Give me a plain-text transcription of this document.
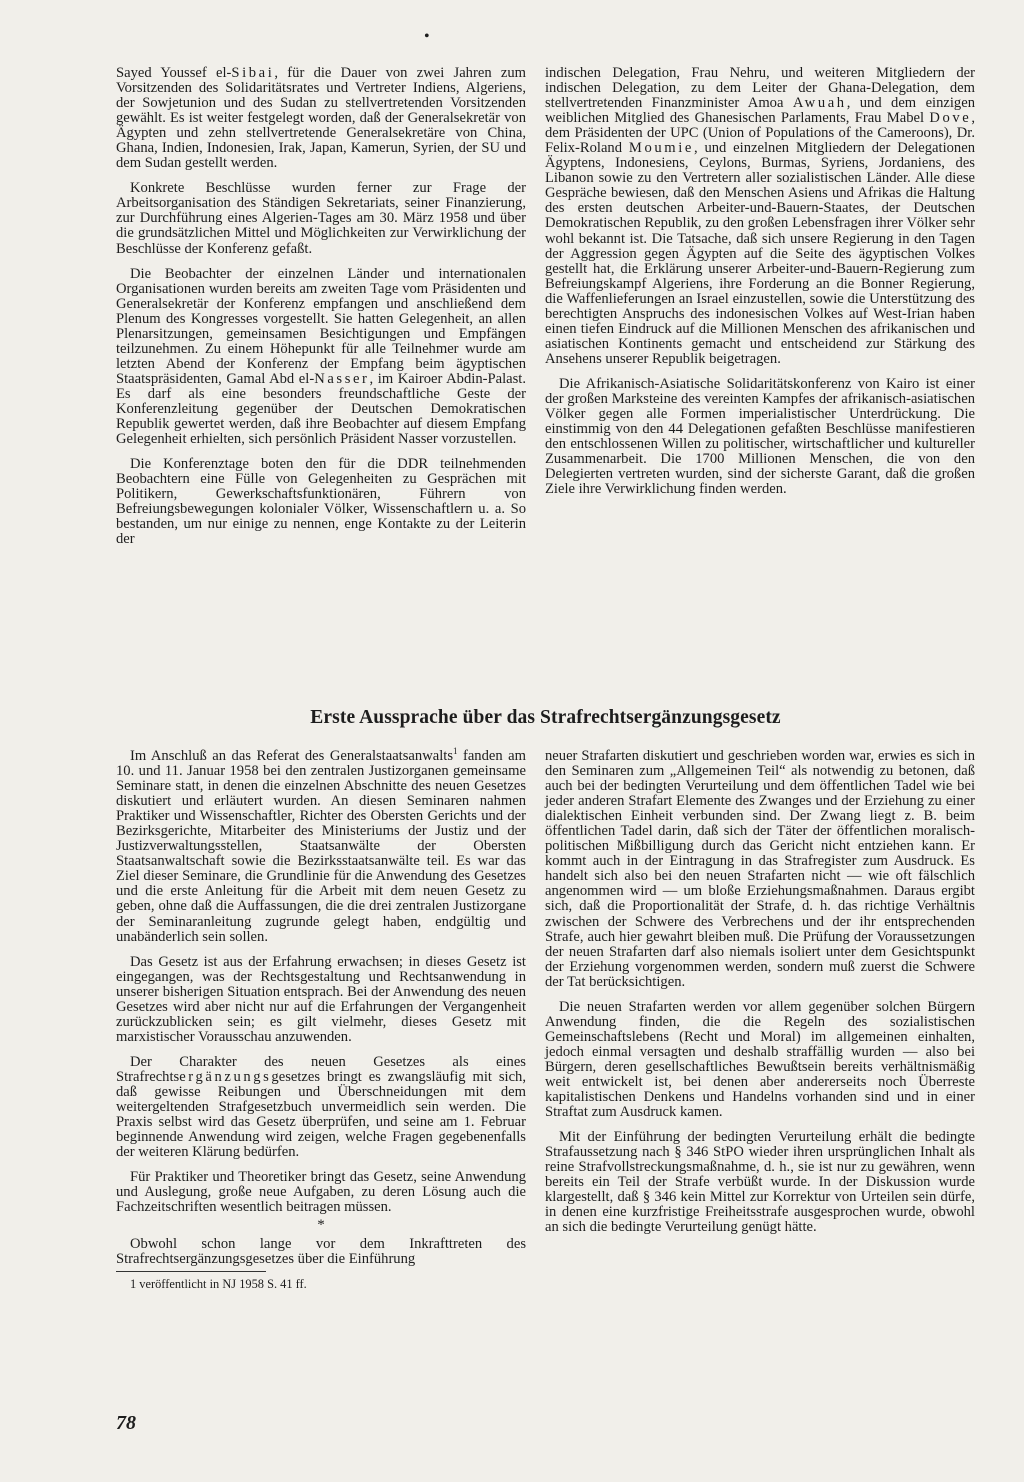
•

Sayed Youssef el-Sibai, für die Dauer von zwei Jahren zum Vorsitzenden des Solidaritätsrates und Vertreter Indiens, Algeriens, der Sowjetunion und des Sudan zu stellvertretenden Vorsitzenden gewählt. Es ist weiter festgelegt worden, daß der Generalsekretär von Ägypten und zehn stellvertretende Generalsekretäre von China, Ghana, Indien, Indonesien, Irak, Japan, Kamerun, Syrien, der SU und dem Sudan gestellt werden.

Konkrete Beschlüsse wurden ferner zur Frage der Arbeitsorganisation des Ständigen Sekretariats, seiner Finanzierung, zur Durchführung eines Algerien-Tages am 30. März 1958 und über die grundsätzlichen Mittel und Möglichkeiten zur Verwirklichung der Beschlüsse der Konferenz gefaßt.

Die Beobachter der einzelnen Länder und internationalen Organisationen wurden bereits am zweiten Tage vom Präsidenten und Generalsekretär der Konferenz empfangen und anschließend dem Plenum des Kongresses vorgestellt. Sie hatten Gelegenheit, an allen Plenarsitzungen, gemeinsamen Besichtigungen und Empfängen teilzunehmen. Zu einem Höhepunkt für alle Teilnehmer wurde am letzten Abend der Konferenz der Empfang beim ägyptischen Staatspräsidenten, Gamal Abd el-Nasser, im Kairoer Abdin-Palast. Es darf als eine besonders freundschaftliche Geste der Konferenzleitung gegenüber der Deutschen Demokratischen Republik gewertet werden, daß ihre Beobachter auf diesem Empfang Gelegenheit erhielten, sich persönlich Präsident Nasser vorzustellen.

Die Konferenztage boten den für die DDR teilnehmenden Beobachtern eine Fülle von Gelegenheiten zu Gesprächen mit Politikern, Gewerkschaftsfunktionären, Führern von Befreiungsbewegungen kolonialer Völker, Wissenschaftlern u. a. So bestanden, um nur einige zu nennen, enge Kontakte zu der Leiterin der

indischen Delegation, Frau Nehru, und weiteren Mitgliedern der indischen Delegation, zu dem Leiter der Ghana-Delegation, dem stellvertretenden Finanzminister Amoa Awuah, und dem einzigen weiblichen Mitglied des Ghanesischen Parlaments, Frau Mabel Dove, dem Präsidenten der UPC (Union of Populations of the Cameroons), Dr. Felix-Roland Moumie, und einzelnen Mitgliedern der Delegationen Ägyptens, Indonesiens, Ceylons, Burmas, Syriens, Jordaniens, des Libanon sowie zu den Vertretern aller sozialistischen Länder. Alle diese Gespräche bewiesen, daß den Menschen Asiens und Afrikas die Haltung des ersten deutschen Arbeiter-und-Bauern-Staates, der Deutschen Demokratischen Republik, zu den großen Lebensfragen ihrer Völker sehr wohl bekannt ist. Die Tatsache, daß sich unsere Regierung in den Tagen der Aggression gegen Ägypten auf die Seite des ägyptischen Volkes gestellt hat, die Erklärung unserer Arbeiter-und-Bauern-Regierung zum Befreiungskampf Algeriens, ihre Forderung an die Bonner Regierung, die Waffenlieferungen an Israel einzustellen, sowie die Unterstützung des berechtigten Anspruchs des indonesischen Volkes auf West-Irian haben einen tiefen Eindruck auf die Millionen Menschen des afrikanischen und asiatischen Kontinents gemacht und entscheidend zur Stärkung des Ansehens unserer Republik beigetragen.

Die Afrikanisch-Asiatische Solidaritätskonferenz von Kairo ist einer der großen Marksteine des vereinten Kampfes der afrikanisch-asiatischen Völker gegen alle Formen imperialistischer Unterdrückung. Die einstimmig von den 44 Delegationen gefaßten Beschlüsse manifestieren den entschlossenen Willen zu politischer, wirtschaftlicher und kultureller Zusammenarbeit. Die 1700 Millionen Menschen, die von den Delegierten vertreten wurden, sind der sicherste Garant, daß die großen Ziele ihre Verwirklichung finden werden.

Erste Aussprache über das Strafrechtsergänzungsgesetz

Im Anschluß an das Referat des Generalstaatsanwalts$^1$ fanden am 10. und 11. Januar 1958 bei den zentralen Justizorganen gemeinsame Seminare statt, in denen die einzelnen Abschnitte des neuen Gesetzes diskutiert und erläutert wurden. An diesen Seminaren nahmen Praktiker und Wissenschaftler, Richter des Obersten Gerichts und der Bezirksgerichte, Mitarbeiter des Ministeriums der Justiz und der Justizverwaltungsstellen, Staatsanwälte der Obersten Staatsanwaltschaft sowie die Bezirksstaatsanwälte teil. Es war das Ziel dieser Seminare, die Grundlinie für die Anwendung des Gesetzes und die erste Anleitung für die Arbeit mit dem neuen Gesetz zu geben, ohne daß die Auffassungen, die die drei zentralen Justizorgane der Seminaranleitung zugrunde gelegt haben, endgültig und unabänderlich sein sollen.

Das Gesetz ist aus der Erfahrung erwachsen; in dieses Gesetz ist eingegangen, was der Rechtsgestaltung und Rechtsanwendung in unserer bisherigen Situation entsprach. Bei der Anwendung des neuen Gesetzes wird aber nicht nur auf die Erfahrungen der Vergangenheit zurückzublicken sein; es gilt vielmehr, dieses Gesetz mit marxistischer Vorausschau anzuwenden.

Der Charakter des neuen Gesetzes als eines Strafrechtsergänzungsgesetzes bringt es zwangsläufig mit sich, daß gewisse Reibungen und Überschneidungen mit dem weitergeltenden Strafgesetzbuch unvermeidlich sein werden. Die Praxis selbst wird das Gesetz überprüfen, und seine am 1. Februar beginnende Anwendung wird zeigen, welche Fragen gegebenenfalls der weiteren Klärung bedürfen.

Für Praktiker und Theoretiker bringt das Gesetz, seine Anwendung und Auslegung, große neue Aufgaben, zu deren Lösung auch die Fachzeitschriften wesentlich beitragen müssen.

*

Obwohl schon lange vor dem Inkrafttreten des Strafrechtsergänzungsgesetzes über die Einführung

1 veröffentlicht in NJ 1958 S. 41 ff.

neuer Strafarten diskutiert und geschrieben worden war, erwies es sich in den Seminaren zum „Allgemeinen Teil“ als notwendig zu betonen, daß auch bei der bedingten Verurteilung und dem öffentlichen Tadel wie bei jeder anderen Strafart Elemente des Zwanges und der Erziehung zu einer dialektischen Einheit verbunden sind. Der Zwang liegt z. B. beim öffentlichen Tadel darin, daß sich der Täter der öffentlichen moralisch-politischen Mißbilligung durch das Gericht nicht entziehen kann. Er kommt auch in der Eintragung in das Strafregister zum Ausdruck. Es handelt sich also bei den neuen Strafarten nicht — wie oft fälschlich angenommen wird — um bloße Erziehungsmaßnahmen. Daraus ergibt sich, daß die Proportionalität der Strafe, d. h. das richtige Verhältnis zwischen der Schwere des Verbrechens und der ihr entsprechenden Strafe, auch hier gewahrt bleiben muß. Die Prüfung der Voraussetzungen der neuen Strafarten darf also niemals isoliert unter dem Gesichtspunkt der Erziehung vorgenommen werden, sondern muß zuerst die Schwere der Tat berücksichtigen.

Die neuen Strafarten werden vor allem gegenüber solchen Bürgern Anwendung finden, die die Regeln des sozialistischen Gemeinschaftslebens (Recht und Moral) im allgemeinen einhalten, jedoch einmal versagten und deshalb straffällig wurden — also bei Bürgern, deren gesellschaftliches Bewußtsein bereits verhältnismäßig weit entwickelt ist, bei denen aber andererseits noch Überreste kapitalistischen Denkens und Handelns vorhanden sind und in einer Straftat zum Ausdruck kamen.

Mit der Einführung der bedingten Verurteilung erhält die bedingte Strafaussetzung nach § 346 StPO wieder ihren ursprünglichen Inhalt als reine Strafvollstreckungsmaßnahme, d. h., sie ist nur zu gewähren, wenn bereits ein Teil der Strafe verbüßt wurde. In der Diskussion wurde klargestellt, daß § 346 kein Mittel zur Korrektur von Urteilen sein dürfe, in denen eine kurzfristige Freiheitsstrafe ausgesprochen wurde, obwohl an sich die bedingte Verurteilung genügt hätte.

78
